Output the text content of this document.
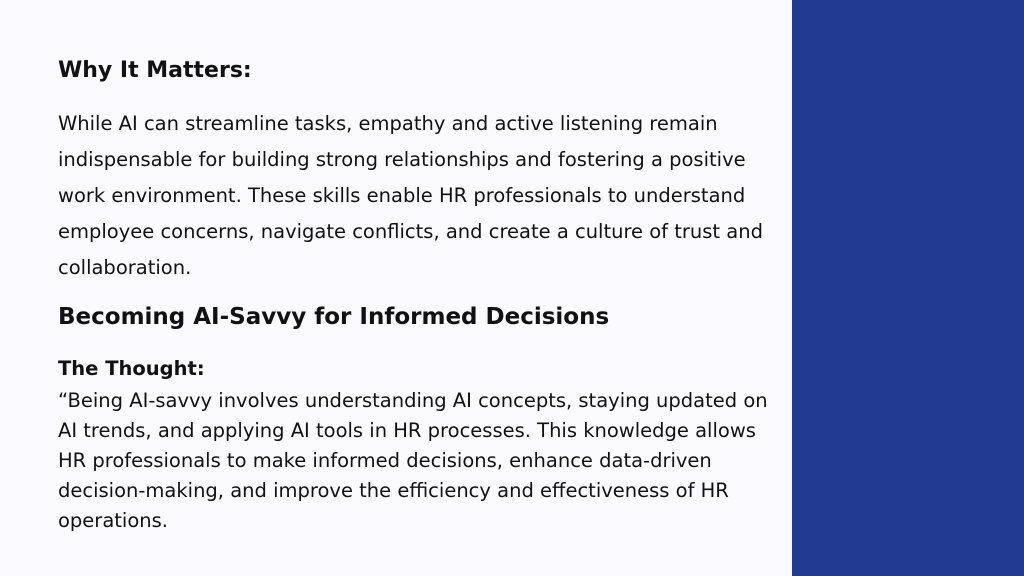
Why It Matters:
While AI can streamline tasks, empathy and active listening remain indispensable for building strong relationships and fostering a positive work environment. These skills enable HR professionals to understand employee concerns, navigate conflicts, and create a culture of trust and collaboration.
Becoming AI-Savvy for Informed Decisions
The Thought:
“Being AI-savvy involves understanding AI concepts, staying updated on AI trends, and applying AI tools in HR processes. This knowledge allows HR professionals to make informed decisions, enhance data-driven decision-making, and improve the efficiency and effectiveness of HR operations.
